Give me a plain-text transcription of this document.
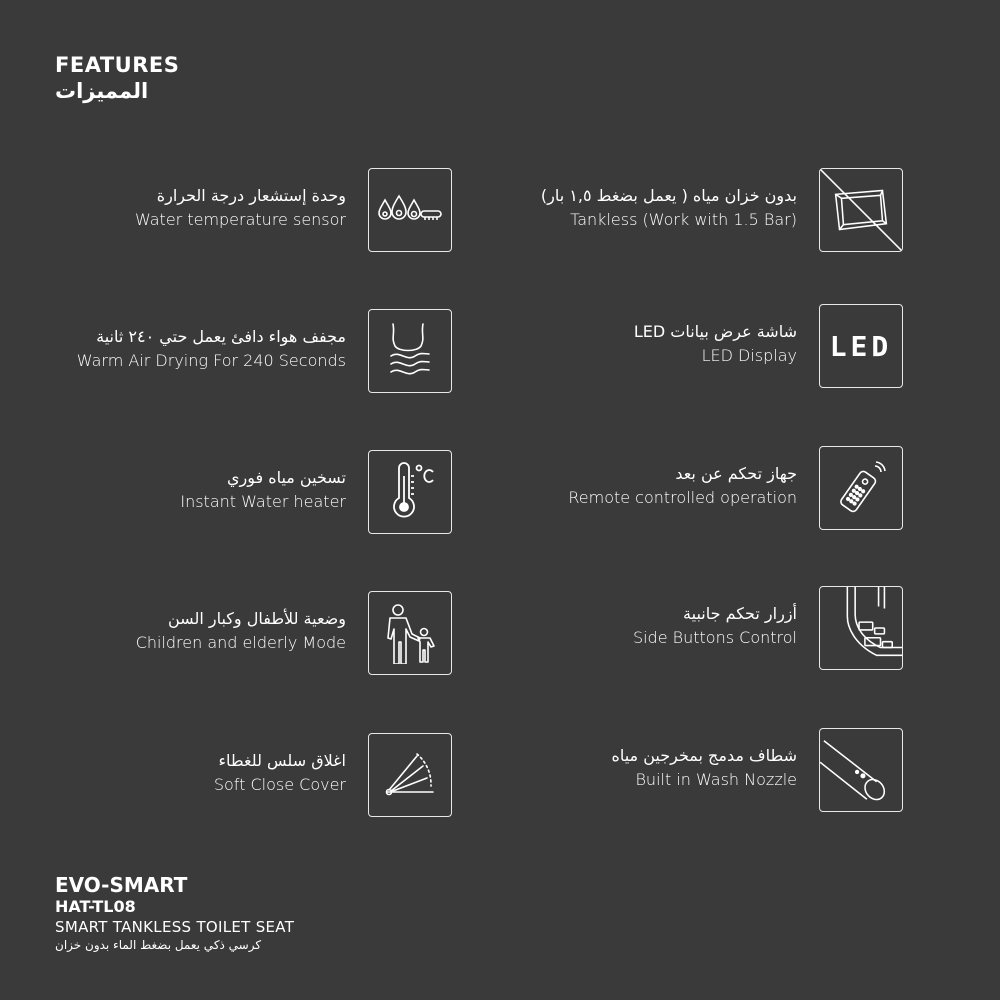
FEATURES
المميزات
وحدة إستشعار درجة الحرارة
Water temperature sensor
مجفف هواء دافئ يعمل حتي ٢٤٠ ثانية
Warm Air Drying For 240 Seconds
تسخين مياه فوري
Instant Water heater
وضعية للأطفال وكبار السن
Children and elderly Mode
اغلاق سلس للغطاء
Soft Close Cover
بدون خزان مياه ( يعمل بضغط ١,٥ بار)
Tankless (Work with 1.5 Bar)
شاشة عرض بيانات LED
LED Display LED
جهاز تحكم عن بعد
Remote controlled operation
أزرار تحكم جانبية
Side Buttons Control
شطاف مدمج بمخرجين مياه
Built in Wash Nozzle
EVO-SMART
HAT-TL08
SMART TANKLESS TOILET SEAT
كرسي ذكي يعمل بضغط الماء بدون خزان
